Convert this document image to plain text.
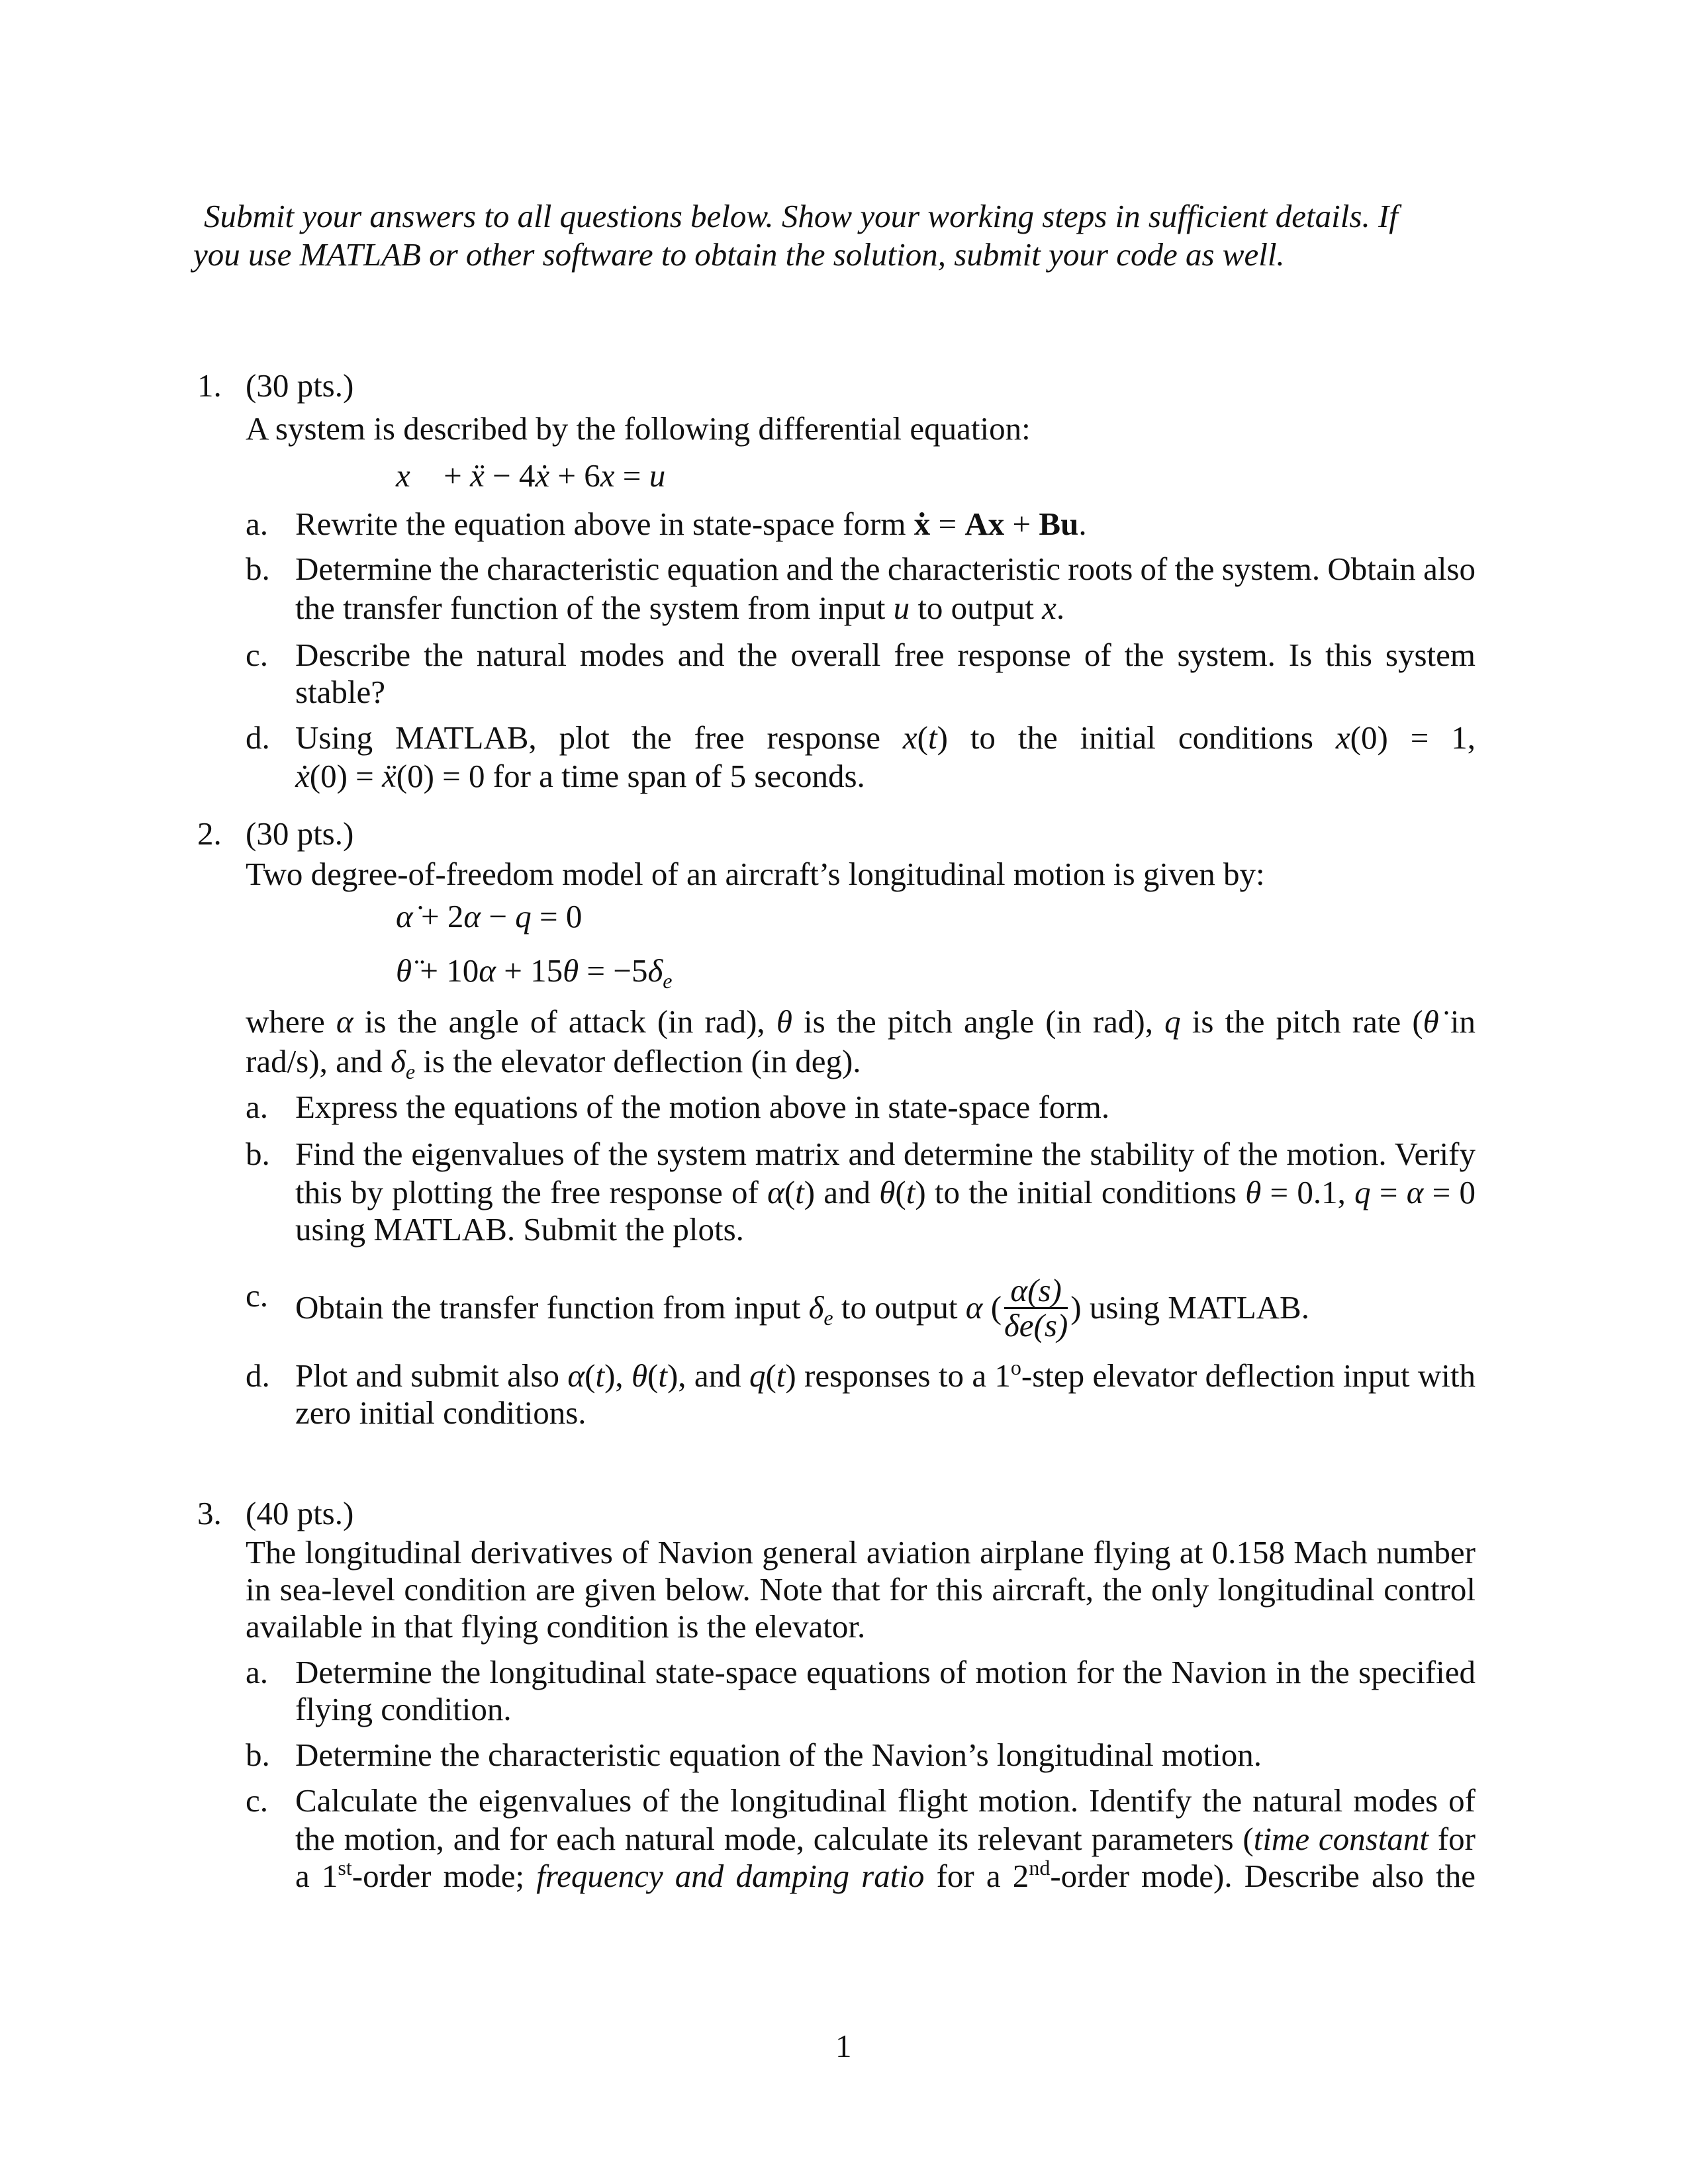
Submit your answers to all questions below. Show your working steps in sufficient details. If
you use MATLAB or other software to obtain the solution, submit your code as well.
1
1. (30 pts.)
A system is described by the following differential equation:
x⃛ + ẍ − 4ẋ + 6x = u
a. Rewrite the equation above in state-space form ẋ = Ax + Bu.
b. Determine the characteristic equation and the characteristic roots of the system. Obtain also
the transfer function of the system from input u to output x.
c. Describe the natural modes and the overall free response of the system. Is this system
stable?
d. Using MATLAB, plot the free response x(t) to the initial conditions x(0) = 1,
ẋ(0) = ẍ(0) = 0 for a time span of 5 seconds.
2. (30 pts.)
Two degree-of-freedom model of an aircraft’s longitudinal motion is given by:
α̇ + 2α − q = 0
θ̈ + $10\alpha + 15\theta = -5\delta_e$
where α is the angle of attack (in rad), θ is the pitch angle (in rad), q is the pitch rate (θ̇ in
rad/s), and $\delta_e$ is the elevator deflection (in deg).
a. Express the equations of the motion above in state-space form.
b. Find the eigenvalues of the system matrix and determine the stability of the motion. Verify
this by plotting the free response of α(t) and θ(t) to the initial conditions θ = 0.1, q = α = 0
using MATLAB. Submit the plots.
c. Obtain the transfer function from input $\delta_e$ to output α ( $\frac{\alpha(s)}{\delta e(s)}$ ) using MATLAB.
d. Plot and submit also α(t), θ(t), and q(t) responses to a 1$^o$-step elevator deflection input with
zero initial conditions.
3. (40 pts.)
The longitudinal derivatives of Navion general aviation airplane flying at 0.158 Mach number
in sea-level condition are given below. Note that for this aircraft, the only longitudinal control
available in that flying condition is the elevator.
a. Determine the longitudinal state-space equations of motion for the Navion in the specified
flying condition.
b. Determine the characteristic equation of the Navion’s longitudinal motion.
c. Calculate the eigenvalues of the longitudinal flight motion. Identify the natural modes of
the motion, and for each natural mode, calculate its relevant parameters (time constant for
a 1st-order mode; frequency and damping ratio for a 2nd-order mode). Describe also the
